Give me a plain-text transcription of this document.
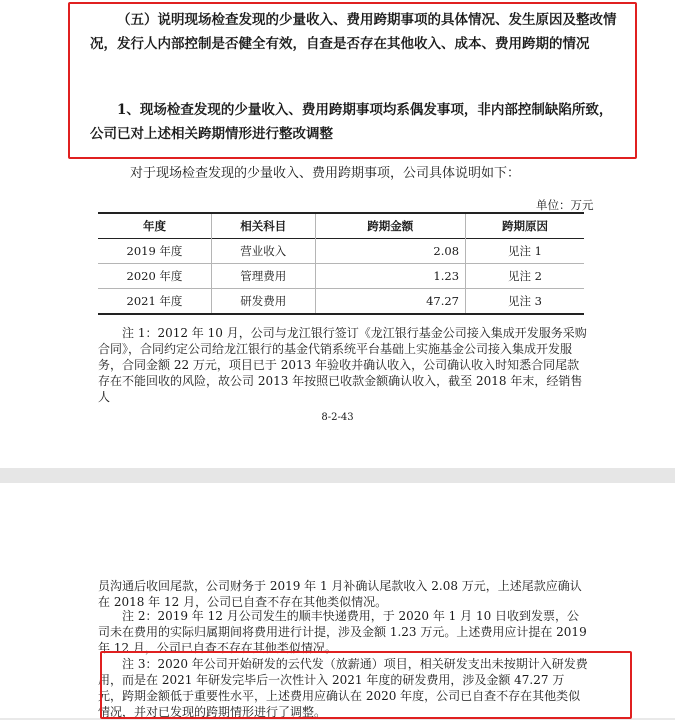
（五）说明现场检查发现的少量收入、费用跨期事项的具体情况、发生原因及整改情况，发行人内部控制是否健全有效，自查是否存在其他收入、成本、费用跨期的情况

1、现场检查发现的少量收入、费用跨期事项均系偶发事项，非内部控制缺陷所致，公司已对上述相关跨期情形进行整改调整

对于现场检查发现的少量收入、费用跨期事项，公司具体说明如下：

单位：万元

年度	相关科目	跨期金额	跨期原因
2019 年度	营业收入	2.08	见注 1
2020 年度	管理费用	1.23	见注 2
2021 年度	研发费用	47.27	见注 3

注 1：2012 年 10 月，公司与龙江银行签订《龙江银行基金公司接入集成开发服务采购合同》，合同约定公司给龙江银行的基金代销系统平台基础上实施基金公司接入集成开发服务，合同金额 22 万元，项目已于 2013 年验收并确认收入，公司确认收入时知悉合同尾款存在不能回收的风险，故公司 2013 年按照已收款金额确认收入，截至 2018 年末，经销售人

8-2-43

员沟通后收回尾款，公司财务于 2019 年 1 月补确认尾款收入 2.08 万元，上述尾款应确认在 2018 年 12 月，公司已自查不存在其他类似情况。

注 2：2019 年 12 月公司发生的顺丰快递费用，于 2020 年 1 月 10 日收到发票，公司未在费用的实际归属期间将费用进行计提，涉及金额 1.23 万元。上述费用应计提在 2019 年 12 月，公司已自查不存在其他类似情况。

注 3：2020 年公司开始研发的云代发（放薪通）项目，相关研发支出未按期计入研发费用，而是在 2021 年研发完毕后一次性计入 2021 年度的研发费用，涉及金额 47.27 万元，跨期金额低于重要性水平，上述费用应确认在 2020 年度，公司已自查不存在其他类似情况，并对已发现的跨期情形进行了调整。
